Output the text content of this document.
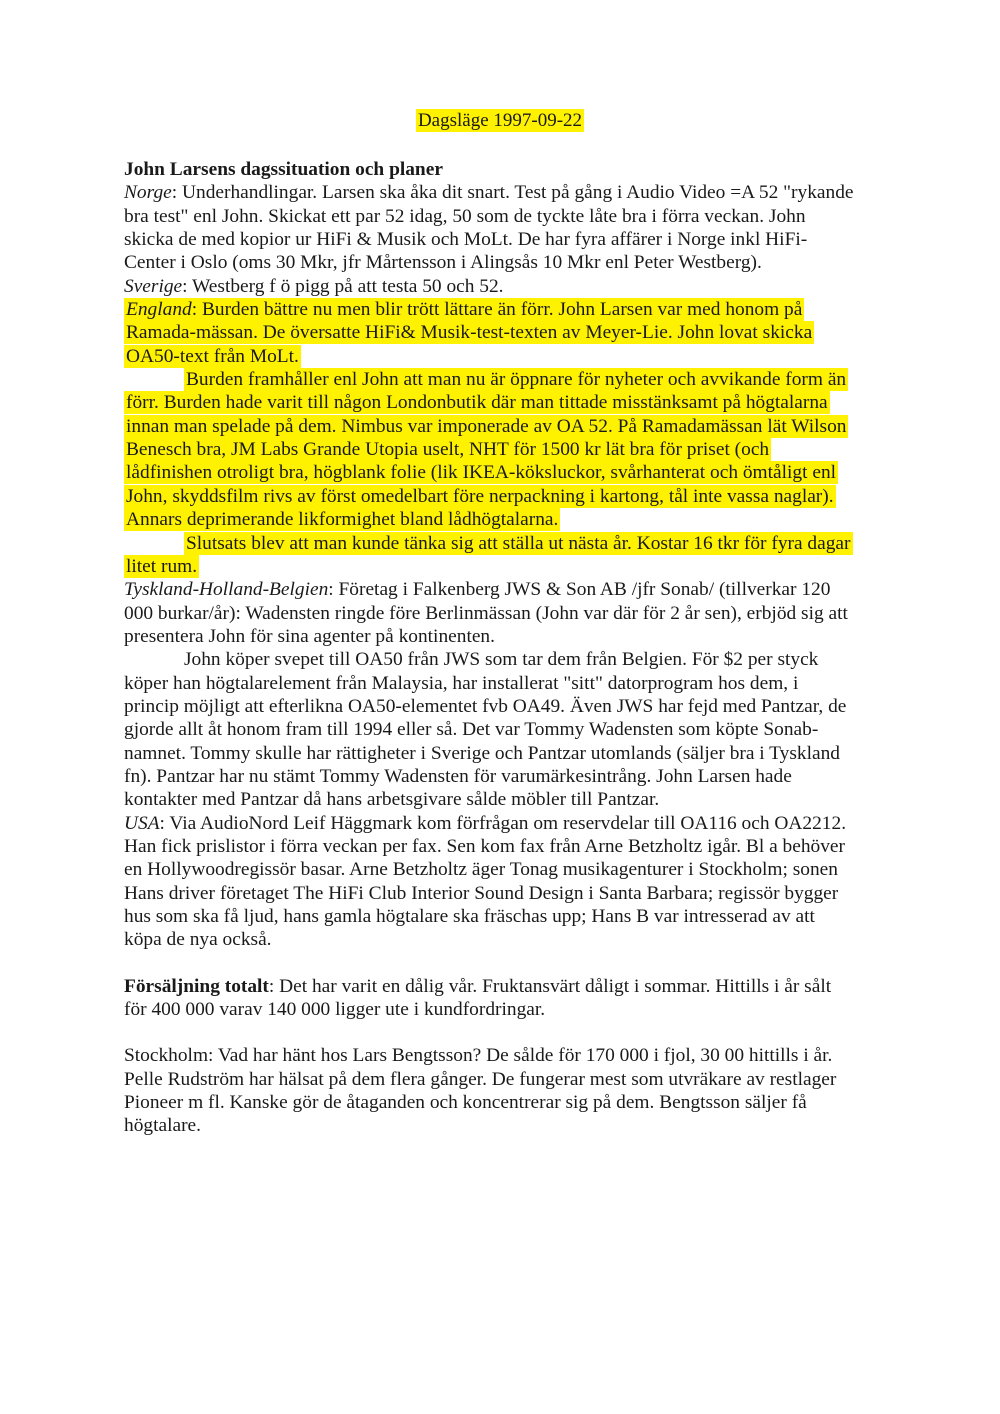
Dagsläge 1997-09-22

John Larsens dagssituation och planer

Norge: Underhandlingar. Larsen ska åka dit snart. Test på gång i Audio Video =A 52 "rykande bra test" enl John. Skickat ett par 52 idag, 50 som de tyckte låte bra i förra veckan. John skicka de med kopior ur HiFi & Musik och MoLt. De har fyra affärer i Norge inkl HiFi-Center i Oslo (oms 30 Mkr, jfr Mårtensson i Alingsås 10 Mkr enl Peter Westberg).

Sverige: Westberg f ö pigg på att testa 50 och 52.

England: Burden bättre nu men blir trött lättare än förr. John Larsen var med honom på Ramada-mässan. De översatte HiFi& Musik-test-texten av Meyer-Lie. John lovat skicka OA50-text från MoLt.

Burden framhåller enl John att man nu är öppnare för nyheter och avvikande form än förr. Burden hade varit till någon Londonbutik där man tittade misstänksamt på högtalarna innan man spelade på dem. Nimbus var imponerade av OA 52. På Ramadamässan lät Wilson Benesch bra, JM Labs Grande Utopia uselt, NHT för 1500 kr lät bra för priset (och lådfinishen otroligt bra, högblank folie (lik IKEA-köksluckor, svårhanterat och ömtåligt enl John, skyddsfilm rivs av först omedelbart före nerpackning i kartong, tål inte vassa naglar). Annars deprimerande likformighet bland lådhögtalarna.

Slutsats blev att man kunde tänka sig att ställa ut nästa år. Kostar 16 tkr för fyra dagar litet rum.

Tyskland-Holland-Belgien: Företag i Falkenberg JWS & Son AB /jfr Sonab/ (tillverkar 120 000 burkar/år): Wadensten ringde före Berlinmässan (John var där för 2 år sen), erbjöd sig att presentera John för sina agenter på kontinenten.

John köper svepet till OA50 från JWS som tar dem från Belgien. För $2 per styck köper han högtalarelement från Malaysia, har installerat "sitt" datorprogram hos dem, i princip möjligt att efterlikna OA50-elementet fvb OA49. Även JWS har fejd med Pantzar, de gjorde allt åt honom fram till 1994 eller så. Det var Tommy Wadensten som köpte Sonab-namnet. Tommy skulle har rättigheter i Sverige och Pantzar utomlands (säljer bra i Tyskland fn). Pantzar har nu stämt Tommy Wadensten för varumärkesintrång. John Larsen hade kontakter med Pantzar då hans arbetsgivare sålde möbler till Pantzar.

USA: Via AudioNord Leif Häggmark kom förfrågan om reservdelar till OA116 och OA2212. Han fick prislistor i förra veckan per fax. Sen kom fax från Arne Betzholtz igår. Bl a behöver en Hollywoodregissör basar. Arne Betzholtz äger Tonag musikagenturer i Stockholm; sonen Hans driver företaget The HiFi Club Interior Sound Design i Santa Barbara; regissör bygger hus som ska få ljud, hans gamla högtalare ska fräschas upp; Hans B var intresserad av att köpa de nya också.

Försäljning totalt: Det har varit en dålig vår. Fruktansvärt dåligt i sommar. Hittills i år sålt för 400 000 varav 140 000 ligger ute i kundfordringar.

Stockholm: Vad har hänt hos Lars Bengtsson? De sålde för 170 000 i fjol, 30 00 hittills i år. Pelle Rudström har hälsat på dem flera gånger. De fungerar mest som utvräkare av restlager Pioneer m fl. Kanske gör de åtaganden och koncentrerar sig på dem. Bengtsson säljer få högtalare.
